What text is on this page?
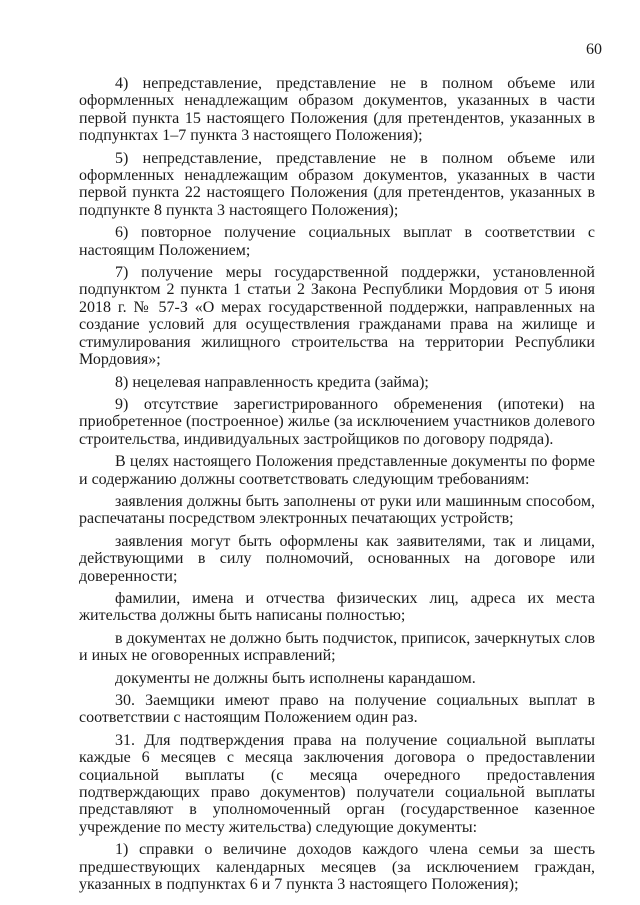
60

4) непредставление, представление не в полном объеме или оформленных ненадлежащим образом документов, указанных в части первой пункта 15 настоящего Положения (для претендентов, указанных в подпунктах 1–7 пункта 3 настоящего Положения);

5) непредставление, представление не в полном объеме или оформленных ненадлежащим образом документов, указанных в части первой пункта 22 настоящего Положения (для претендентов, указанных в подпункте 8 пункта 3 настоящего Положения);

6) повторное получение социальных выплат в соответствии с настоящим Положением;

7) получение меры государственной поддержки, установленной подпунктом 2 пункта 1 статьи 2 Закона Республики Мордовия от 5 июня 2018 г. № 57-З «О мерах государственной поддержки, направленных на создание условий для осуществления гражданами права на жилище и стимулирования жилищного строительства на территории Республики Мордовия»;

8) нецелевая направленность кредита (займа);

9) отсутствие зарегистрированного обременения (ипотеки) на приобретенное (построенное) жилье (за исключением участников долевого строительства, индивидуальных застройщиков по договору подряда).

В целях настоящего Положения представленные документы по форме и содержанию должны соответствовать следующим требованиям:

заявления должны быть заполнены от руки или машинным способом, распечатаны посредством электронных печатающих устройств;

заявления могут быть оформлены как заявителями, так и лицами, действующими в силу полномочий, основанных на договоре или доверенности;

фамилии, имена и отчества физических лиц, адреса их места жительства должны быть написаны полностью;

в документах не должно быть подчисток, приписок, зачеркнутых слов и иных не оговоренных исправлений;

документы не должны быть исполнены карандашом.

30. Заемщики имеют право на получение социальных выплат в соответствии с настоящим Положением один раз.

31. Для подтверждения права на получение социальной выплаты каждые 6 месяцев с месяца заключения договора о предоставлении социальной выплаты (с месяца очередного предоставления подтверждающих право документов) получатели социальной выплаты представляют в уполномоченный орган (государственное казенное учреждение по месту жительства) следующие документы:

1) справки о величине доходов каждого члена семьи за шесть предшествующих календарных месяцев (за исключением граждан, указанных в подпунктах 6 и 7 пункта 3 настоящего Положения);
